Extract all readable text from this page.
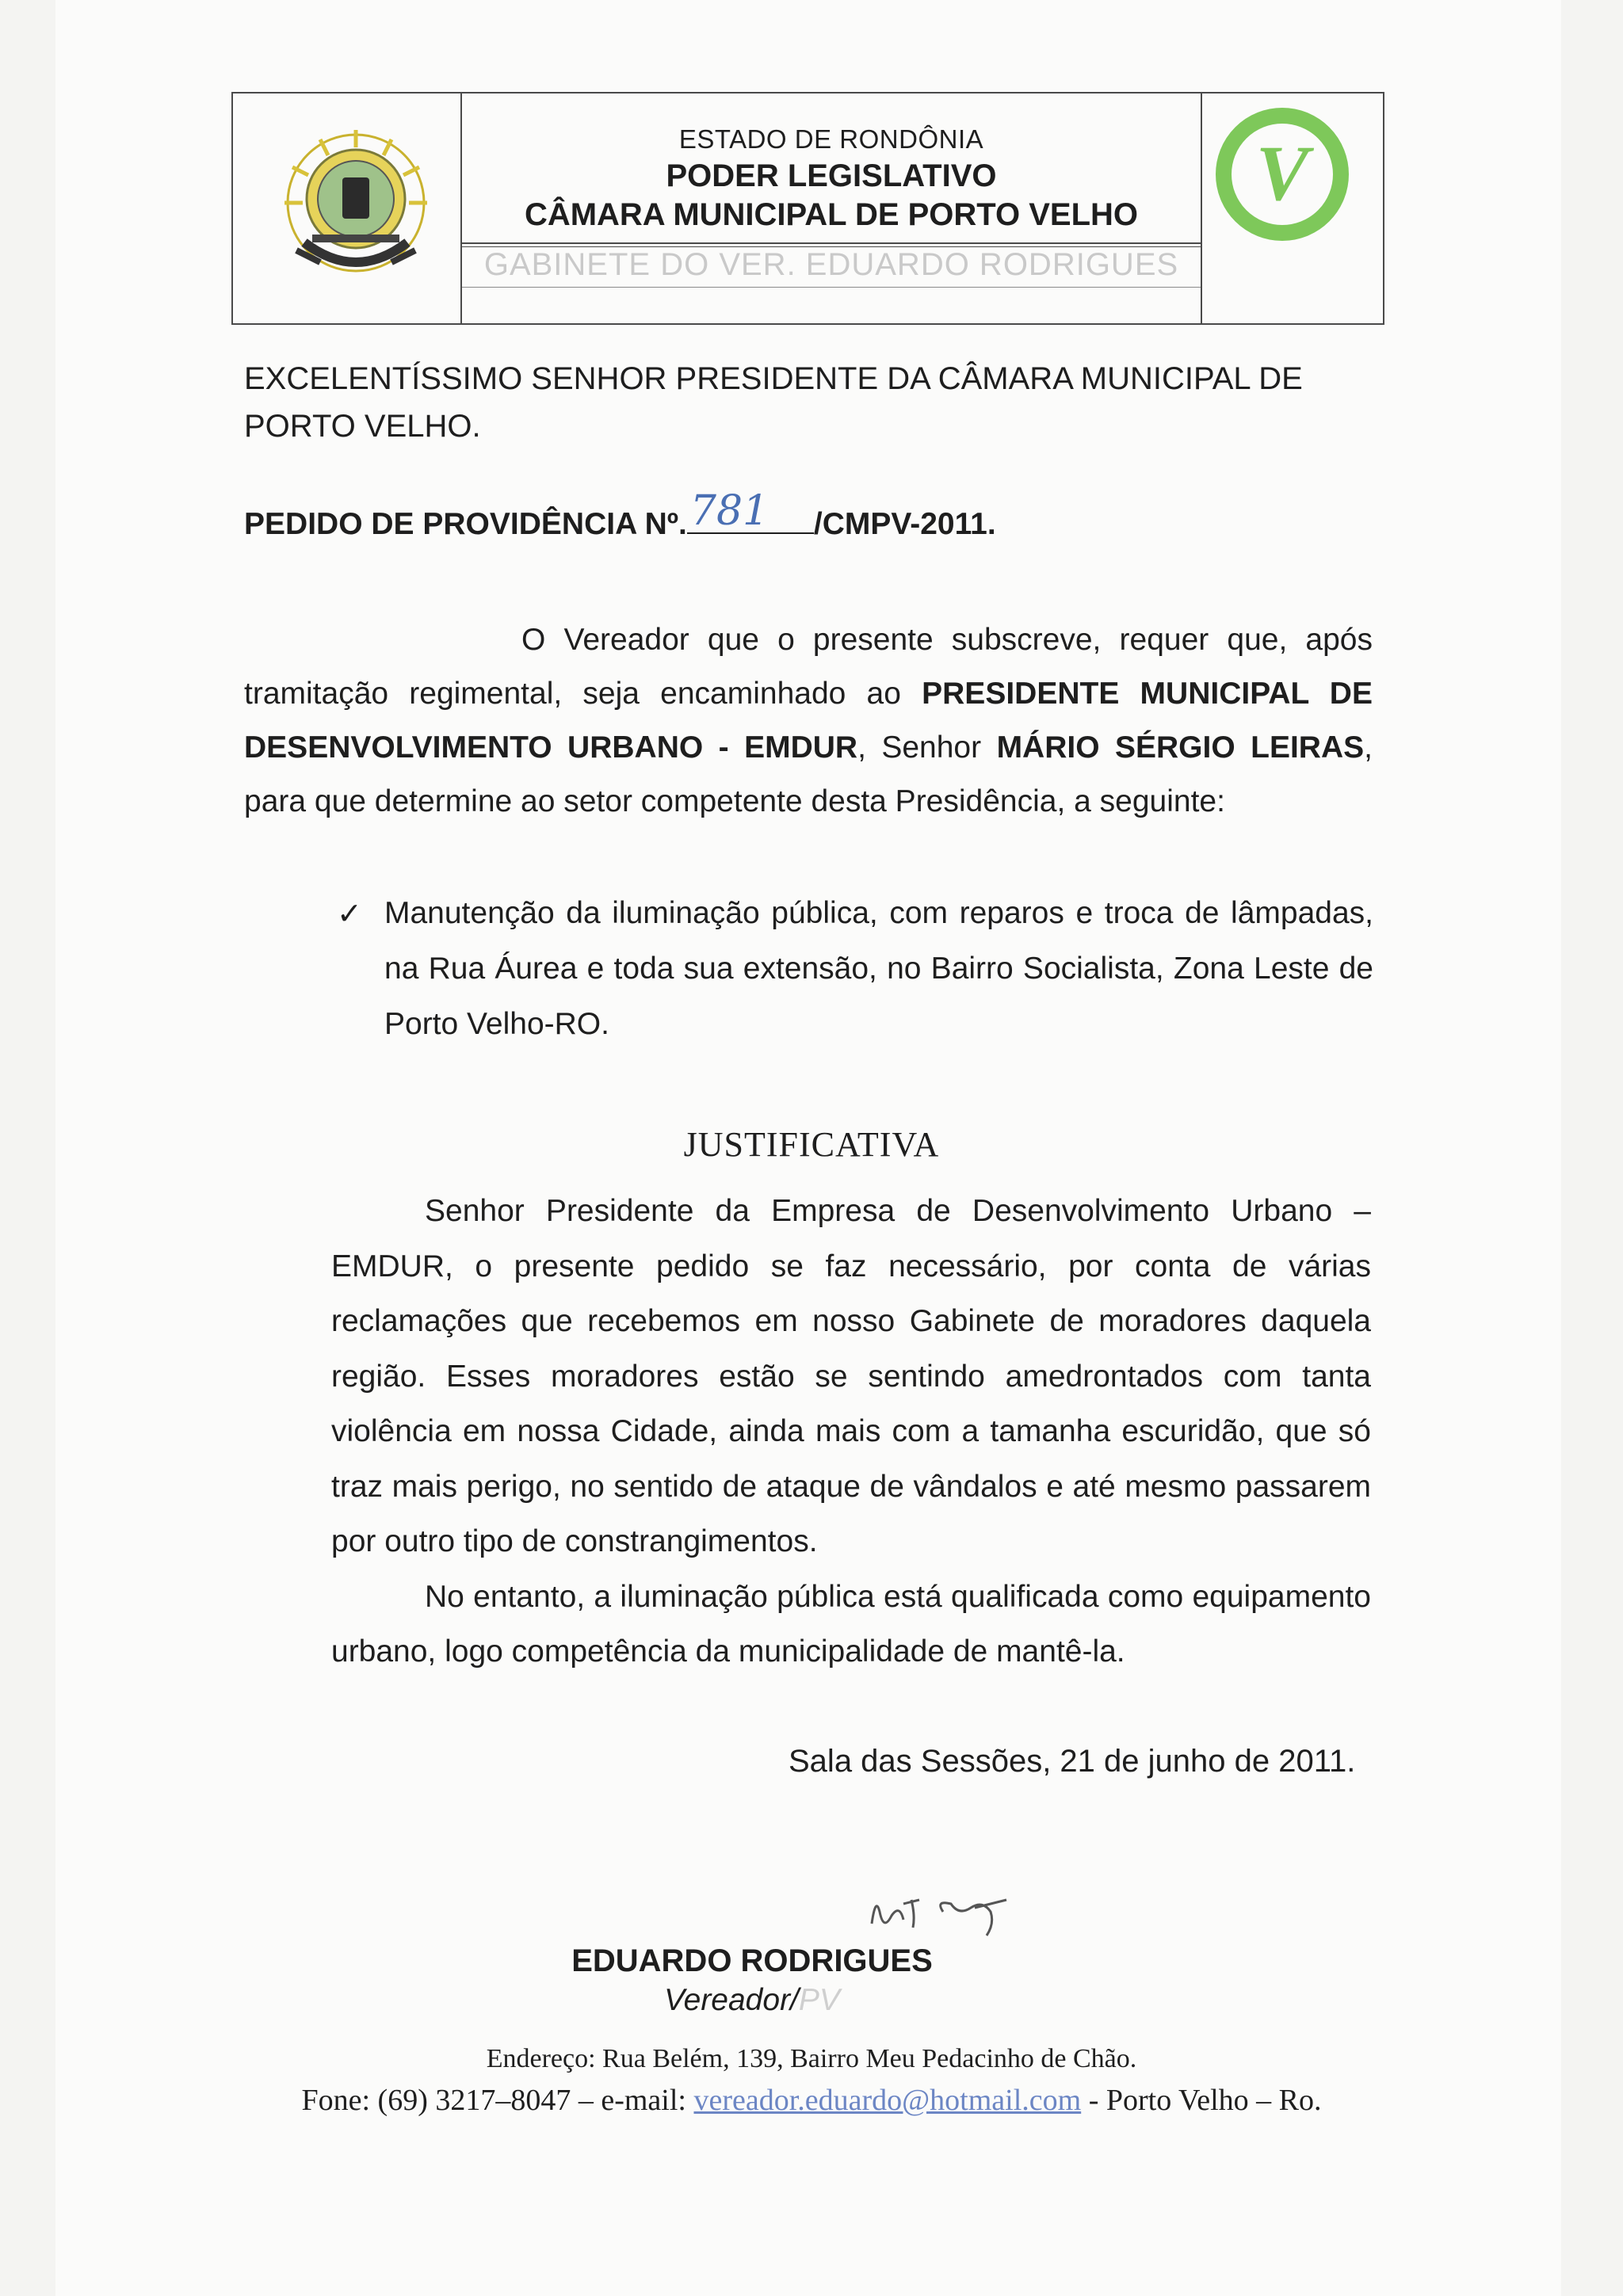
ESTADO DE RONDÔNIA
PODER LEGISLATIVO
CÂMARA MUNICIPAL DE PORTO VELHO
GABINETE DO VER. EDUARDO RODRIGUES
V
EXCELENTÍSSIMO SENHOR PRESIDENTE DA CÂMARA MUNICIPAL DE PORTO VELHO.
PEDIDO DE PROVIDÊNCIA Nº. 781 /CMPV-2011.
O Vereador que o presente subscreve, requer que, após tramitação regimental, seja encaminhado ao PRESIDENTE MUNICIPAL DE DESENVOLVIMENTO URBANO - EMDUR, Senhor MÁRIO SÉRGIO LEIRAS, para que determine ao setor competente desta Presidência, a seguinte:
✓ Manutenção da iluminação pública, com reparos e troca de lâmpadas, na Rua Áurea e toda sua extensão, no Bairro Socialista, Zona Leste de Porto Velho-RO.
JUSTIFICATIVA
Senhor Presidente da Empresa de Desenvolvimento Urbano – EMDUR, o presente pedido se faz necessário, por conta de várias reclamações que recebemos em nosso Gabinete de moradores daquela região. Esses moradores estão se sentindo amedrontados com tanta violência em nossa Cidade, ainda mais com a tamanha escuridão, que só traz mais perigo, no sentido de ataque de vândalos e até mesmo passarem por outro tipo de constrangimentos.
No entanto, a iluminação pública está qualificada como equipamento urbano, logo competência da municipalidade de mantê-la.
Sala das Sessões, 21 de junho de 2011.
EDUARDO RODRIGUES
Vereador/PV
Endereço: Rua Belém, 139, Bairro Meu Pedacinho de Chão.
Fone: (69) 3217–8047 – e-mail: vereador.eduardo@hotmail.com - Porto Velho – Ro.
